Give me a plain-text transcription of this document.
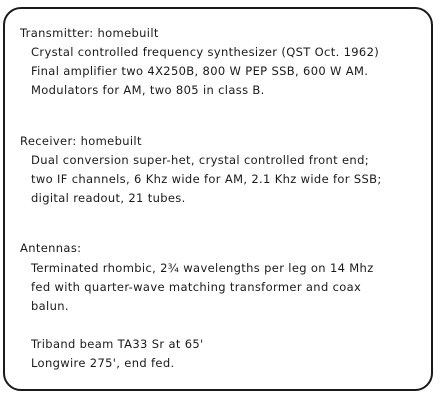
Transmitter: homebuilt
Crystal controlled frequency synthesizer (QST Oct. 1962)
Final amplifier two 4X250B, 800 W PEP SSB, 600 W AM.
Modulators for AM, two 805 in class B.
Receiver: homebuilt
Dual conversion super-het, crystal controlled front end;
two IF channels, 6 Khz wide for AM, 2.1 Khz wide for SSB;
digital readout, 21 tubes.
Antennas:
Terminated rhombic, 2¾ wavelengths per leg on 14 Mhz
fed with quarter-wave matching transformer and coax
balun.
Triband beam TA33 Sr at 65'
Longwire 275', end fed.
